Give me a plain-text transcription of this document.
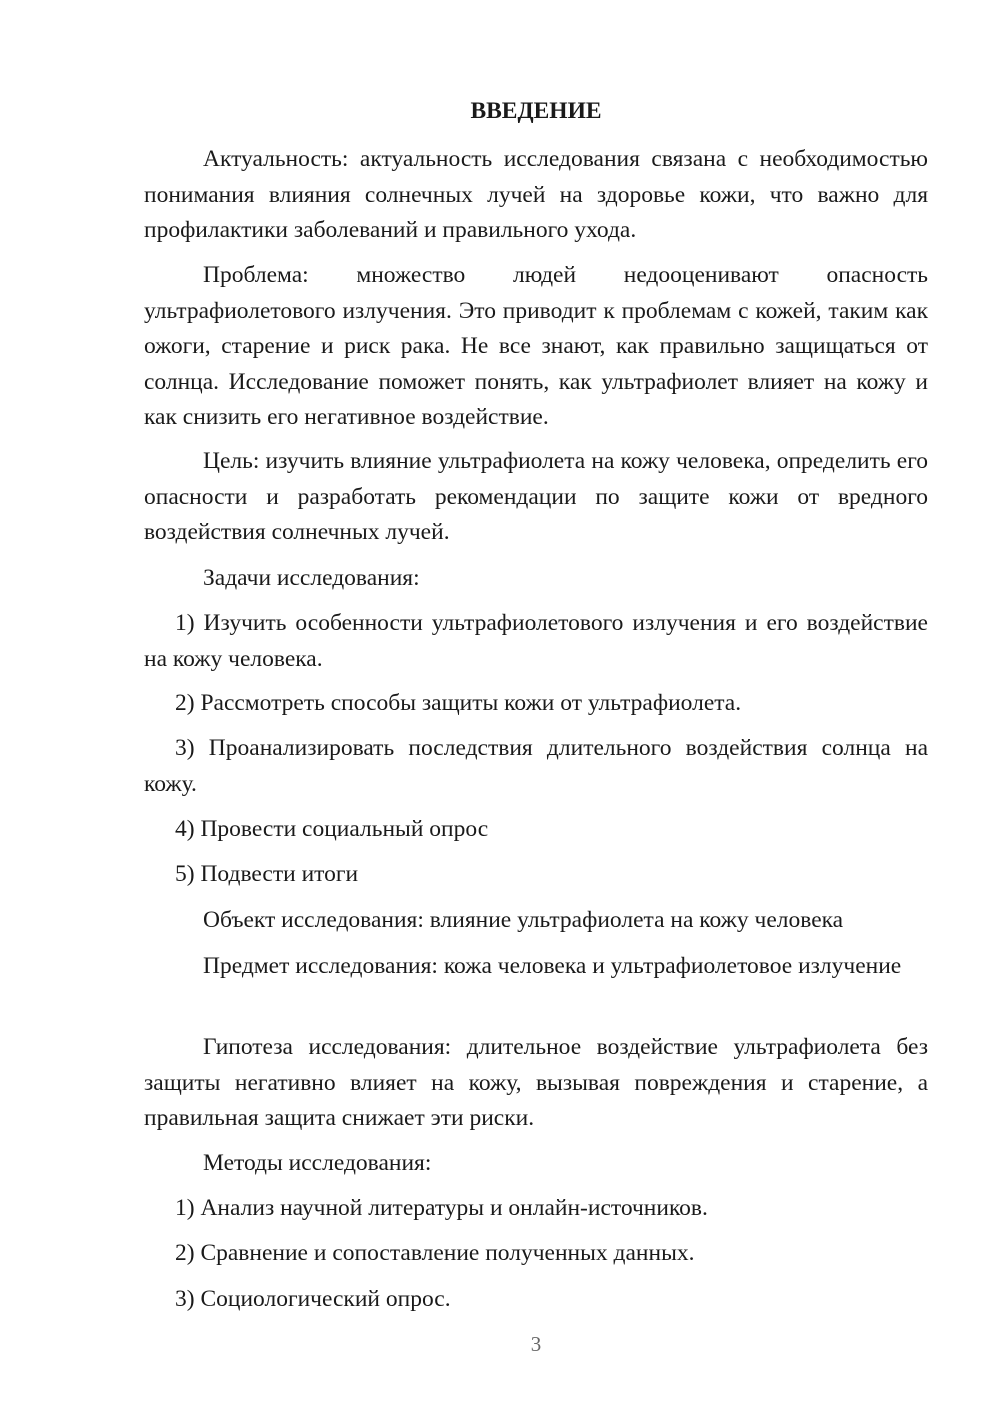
ВВЕДЕНИЕ

Актуальность: актуальность исследования связана с необходимостью понимания влияния солнечных лучей на здоровье кожи, что важно для профилактики заболеваний и правильного ухода.

Проблема: множество людей недооценивают опасность ультрафиолетового излучения. Это приводит к проблемам с кожей, таким как ожоги, старение и риск рака. Не все знают, как правильно защищаться от солнца. Исследование поможет понять, как ультрафиолет влияет на кожу и как снизить его негативное воздействие.

Цель: изучить влияние ультрафиолета на кожу человека, определить его опасности и разработать рекомендации по защите кожи от вредного воздействия солнечных лучей.

Задачи исследования:

1) Изучить особенности ультрафиолетового излучения и его воздействие на кожу человека.

2) Рассмотреть способы защиты кожи от ультрафиолета.

3) Проанализировать последствия длительного воздействия солнца на кожу.

4) Провести социальный опрос

5) Подвести итоги

Объект исследования: влияние ультрафиолета на кожу человека

Предмет исследования: кожа человека и ультрафиолетовое излучение

Гипотеза исследования: длительное воздействие ультрафиолета без защиты негативно влияет на кожу, вызывая повреждения и старение, а правильная защита снижает эти риски.

Методы исследования:

1) Анализ научной литературы и онлайн-источников.

2) Сравнение и сопоставление полученных данных.

3) Социологический опрос.

3
